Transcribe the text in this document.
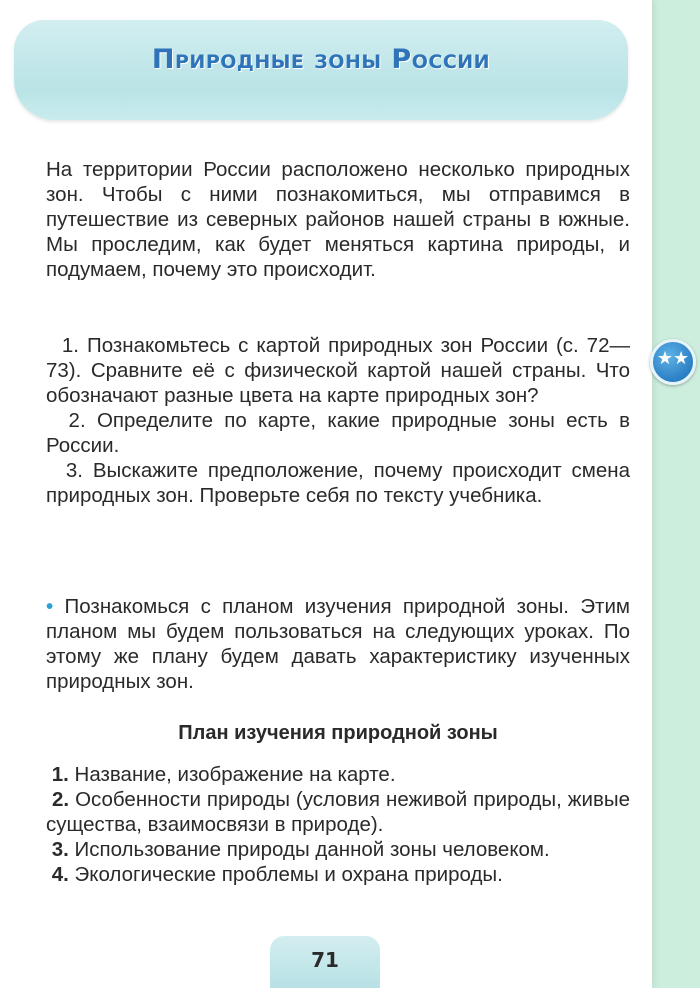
Природные зоны России
На территории России расположено несколько природных зон. Чтобы с ними познакомиться, мы отправимся в путешествие из северных районов нашей страны в южные. Мы проследим, как будет меняться картина природы, и подумаем, почему это происходит.

1. Познакомьтесь с картой природных зон России (с. 72—73). Сравните её с физической картой нашей страны. Что обозначают разные цвета на карте природных зон?

2. Определите по карте, какие природные зоны есть в России.

3. Выскажите предположение, почему происходит смена природных зон. Проверьте себя по тексту учебника.

• Познакомься с планом изучения природной зоны. Этим планом мы будем пользоваться на следующих уроках. По этому же плану будем давать характеристику изученных природных зон.
План изучения природной зоны

1. Название, изображение на карте.

2. Особенности природы (условия неживой природы, живые существа, взаимосвязи в природе).

3. Использование природы данной зоны человеком.

4. Экологические проблемы и охрана природы.

71
★★
